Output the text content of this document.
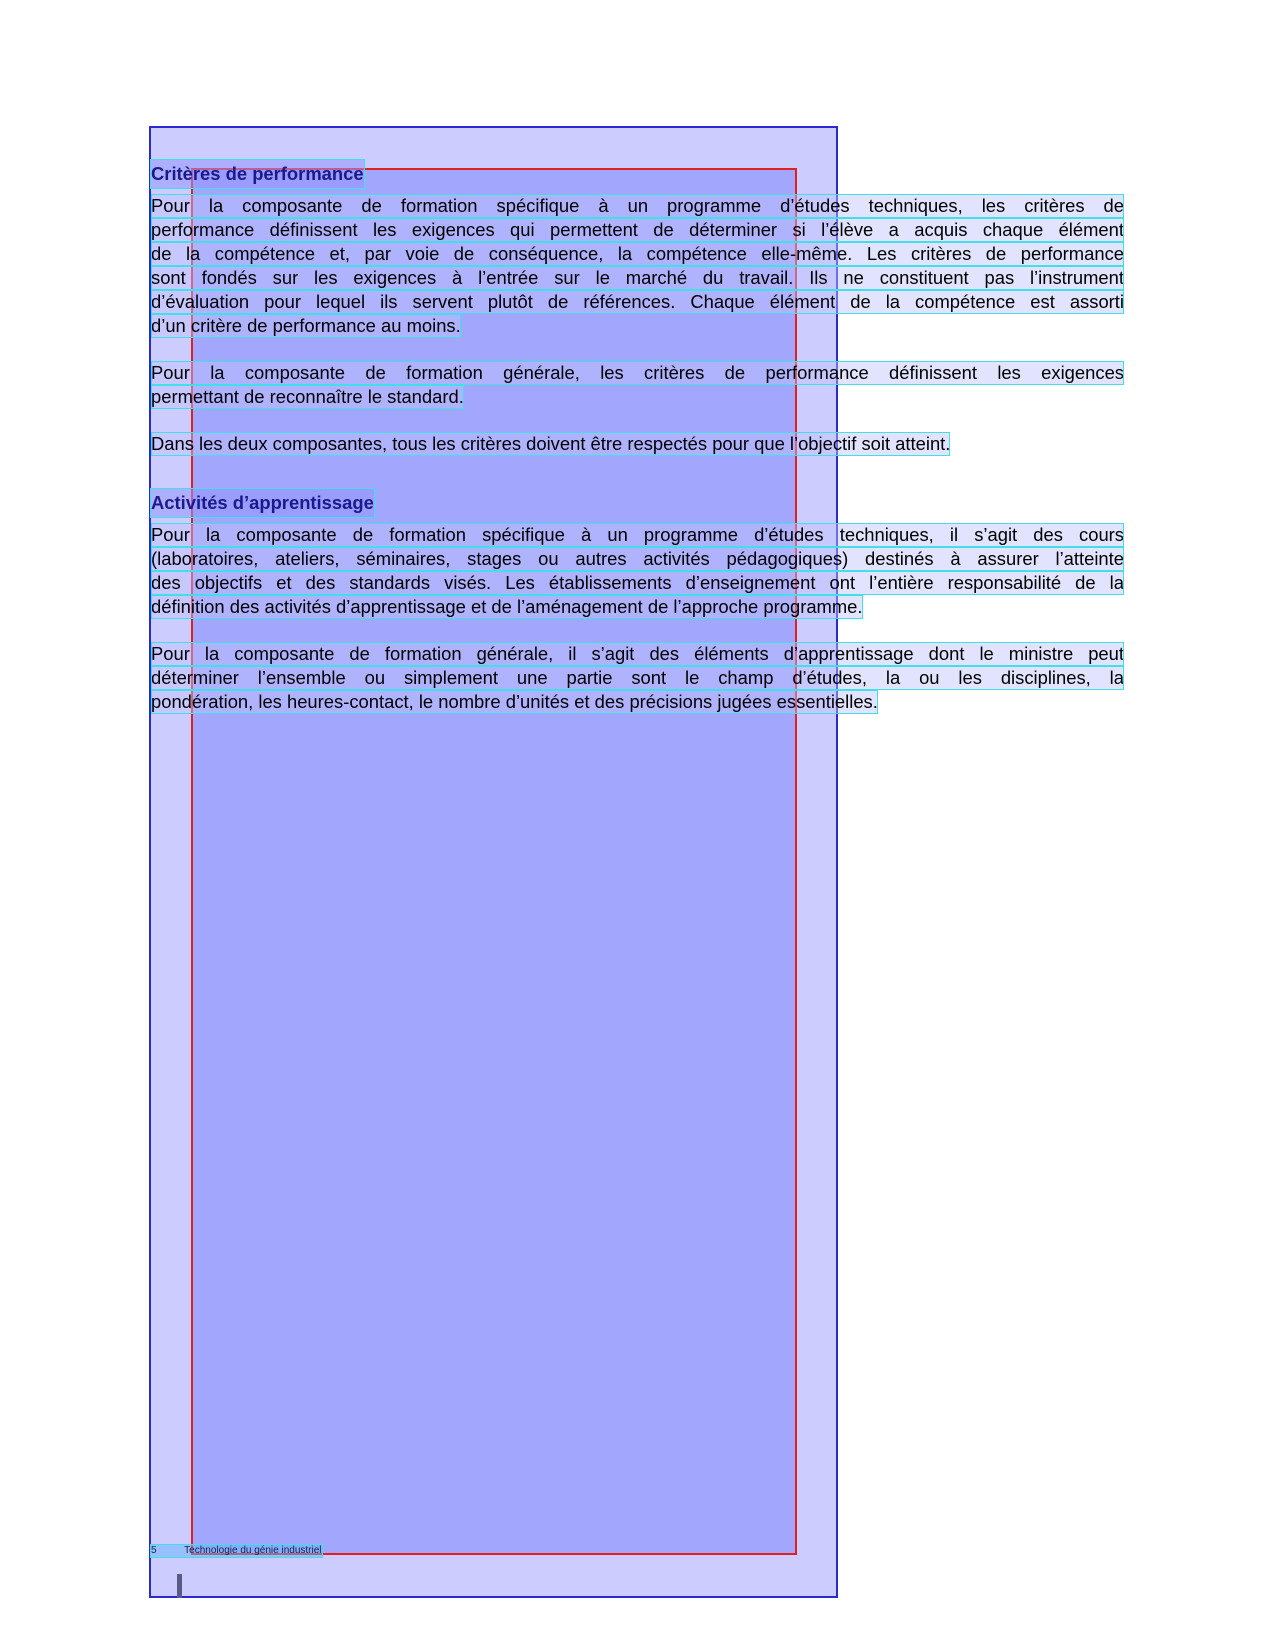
Critères de performance
Pour la composante de formation spécifique à un programme d’études techniques, les critères de
performance définissent les exigences qui permettent de déterminer si l’élève a acquis chaque élément
de la compétence et, par voie de conséquence, la compétence elle-même. Les critères de performance
sont fondés sur les exigences à l’entrée sur le marché du travail. Ils ne constituent pas l’instrument
d’évaluation pour lequel ils servent plutôt de références. Chaque élément de la compétence est assorti
d’un critère de performance au moins.
Pour la composante de formation générale, les critères de performance définissent les exigences
permettant de reconnaître le standard.
Dans les deux composantes, tous les critères doivent être respectés pour que l’objectif soit atteint.
Activités d’apprentissage
Pour la composante de formation spécifique à un programme d’études techniques, il s’agit des cours
(laboratoires, ateliers, séminaires, stages ou autres activités pédagogiques) destinés à assurer l’atteinte
des objectifs et des standards visés. Les établissements d’enseignement ont l’entière responsabilité de la
définition des activités d’apprentissage et de l’aménagement de l’approche programme.
Pour la composante de formation générale, il s’agit des éléments d’apprentissage dont le ministre peut
déterminer l’ensemble ou simplement une partie sont le champ d’études, la ou les disciplines, la
pondération, les heures-contact, le nombre d’unités et des précisions jugées essentielles.
5	Technologie du génie industriel
